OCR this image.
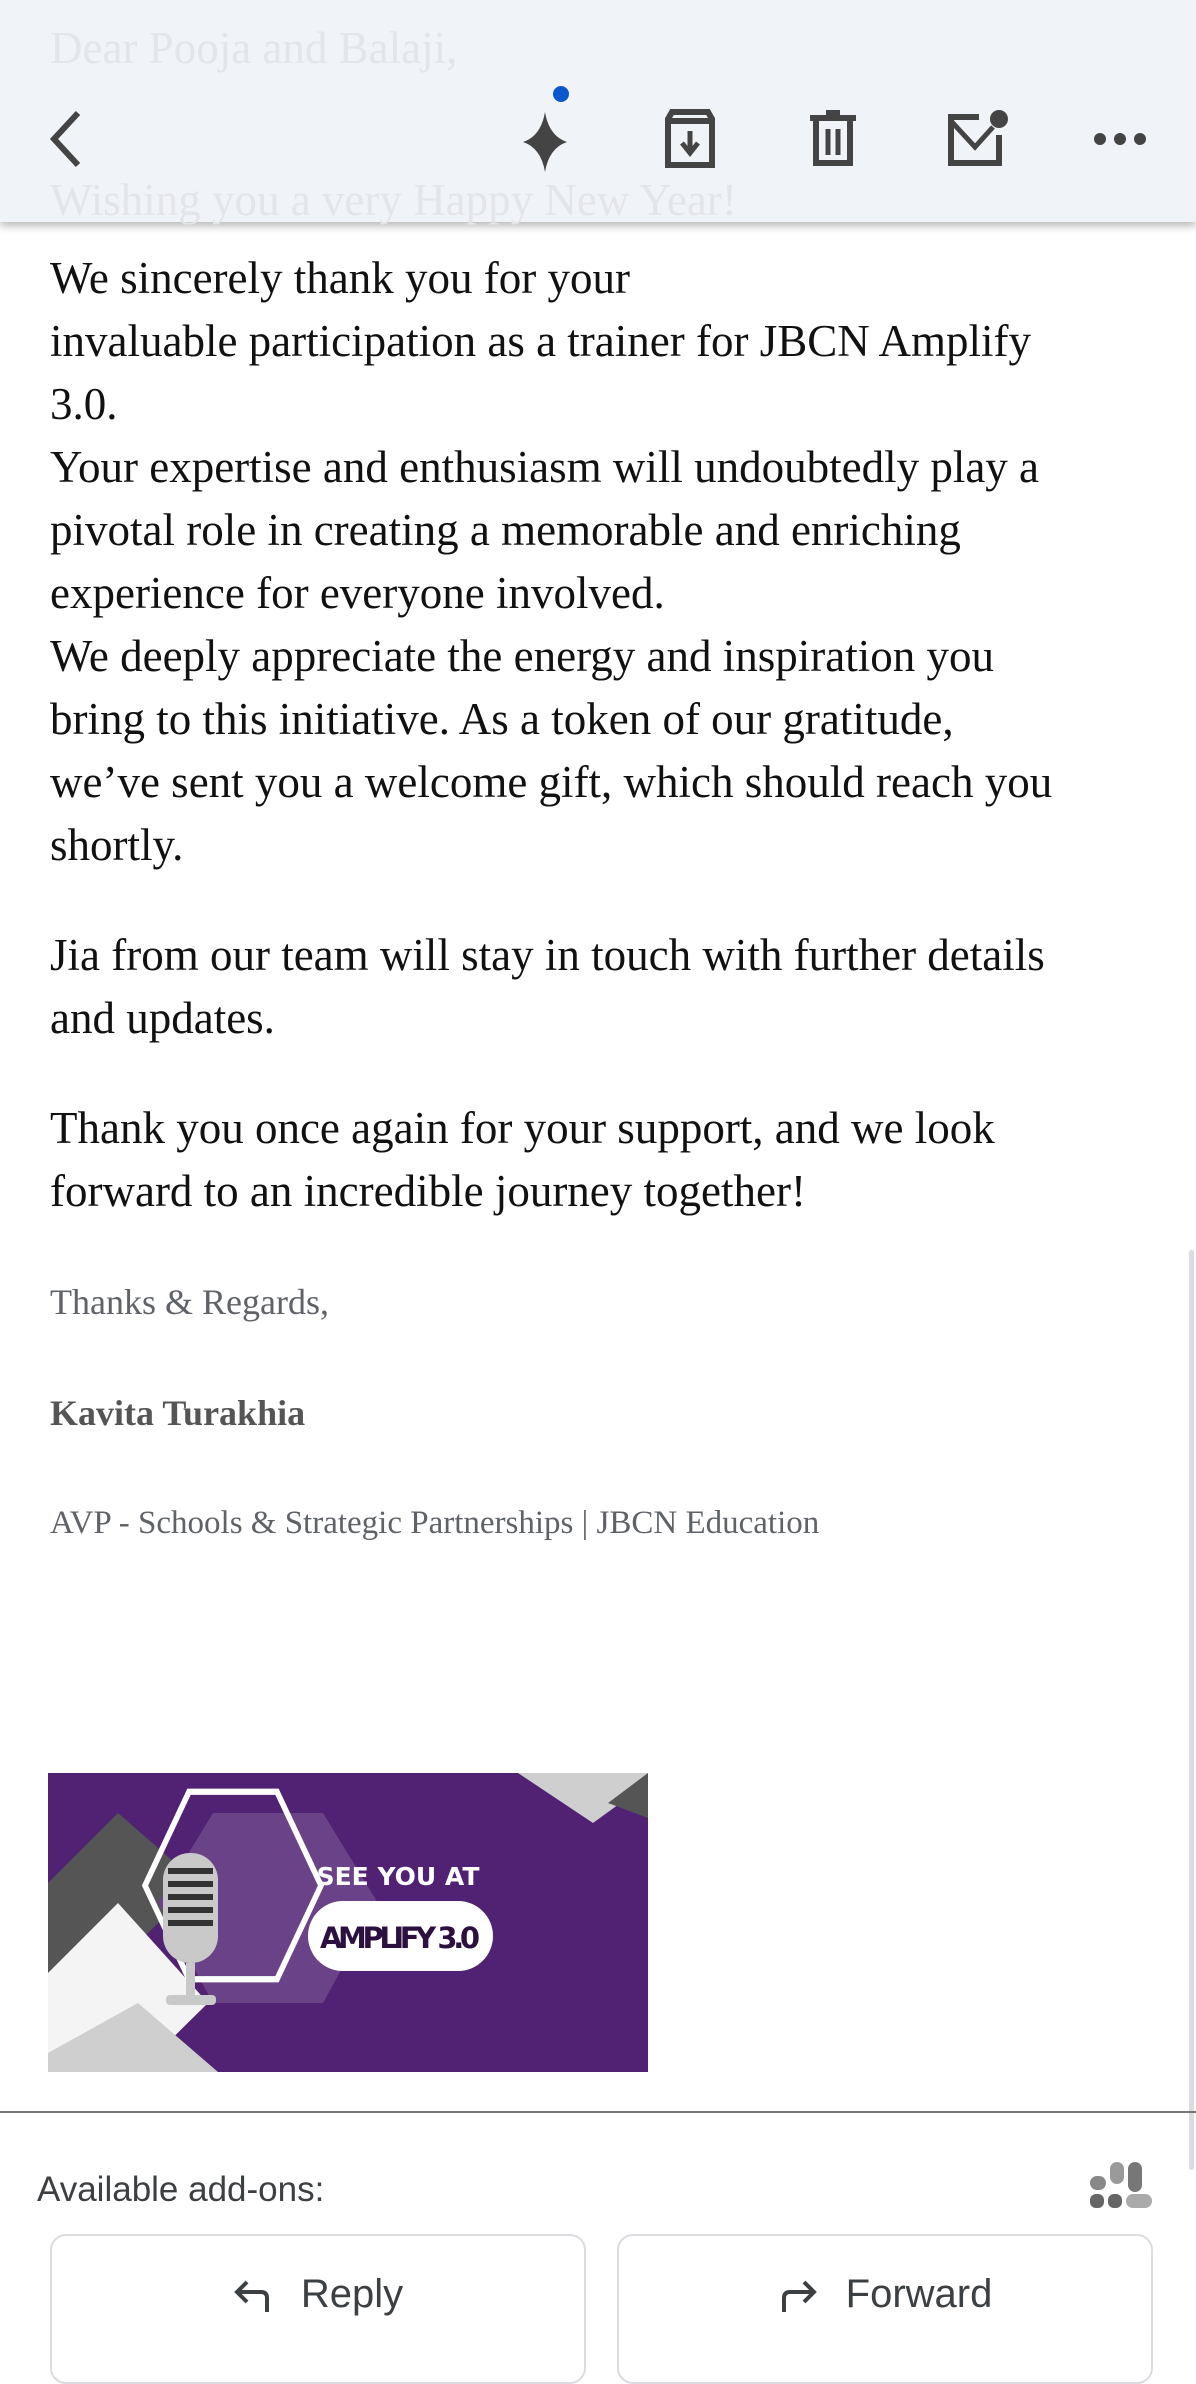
Dear Pooja and Balaji,
Wishing you a very Happy New Year!

We sincerely thank you for your
invaluable participation as a trainer for JBCN Amplify
3.0.
Your expertise and enthusiasm will undoubtedly play a
pivotal role in creating a memorable and enriching
experience for everyone involved.
We deeply appreciate the energy and inspiration you
bring to this initiative. As a token of our gratitude,
we’ve sent you a welcome gift, which should reach you
shortly.

Jia from our team will stay in touch with further details
and updates.

Thank you once again for your support, and we look
forward to an incredible journey together!

Thanks & Regards,
Kavita Turakhia
AVP - Schools & Strategic Partnerships | JBCN Education
SEE YOU AT
AMPLIFY 3.0
Available add-ons:
Reply	Forward
